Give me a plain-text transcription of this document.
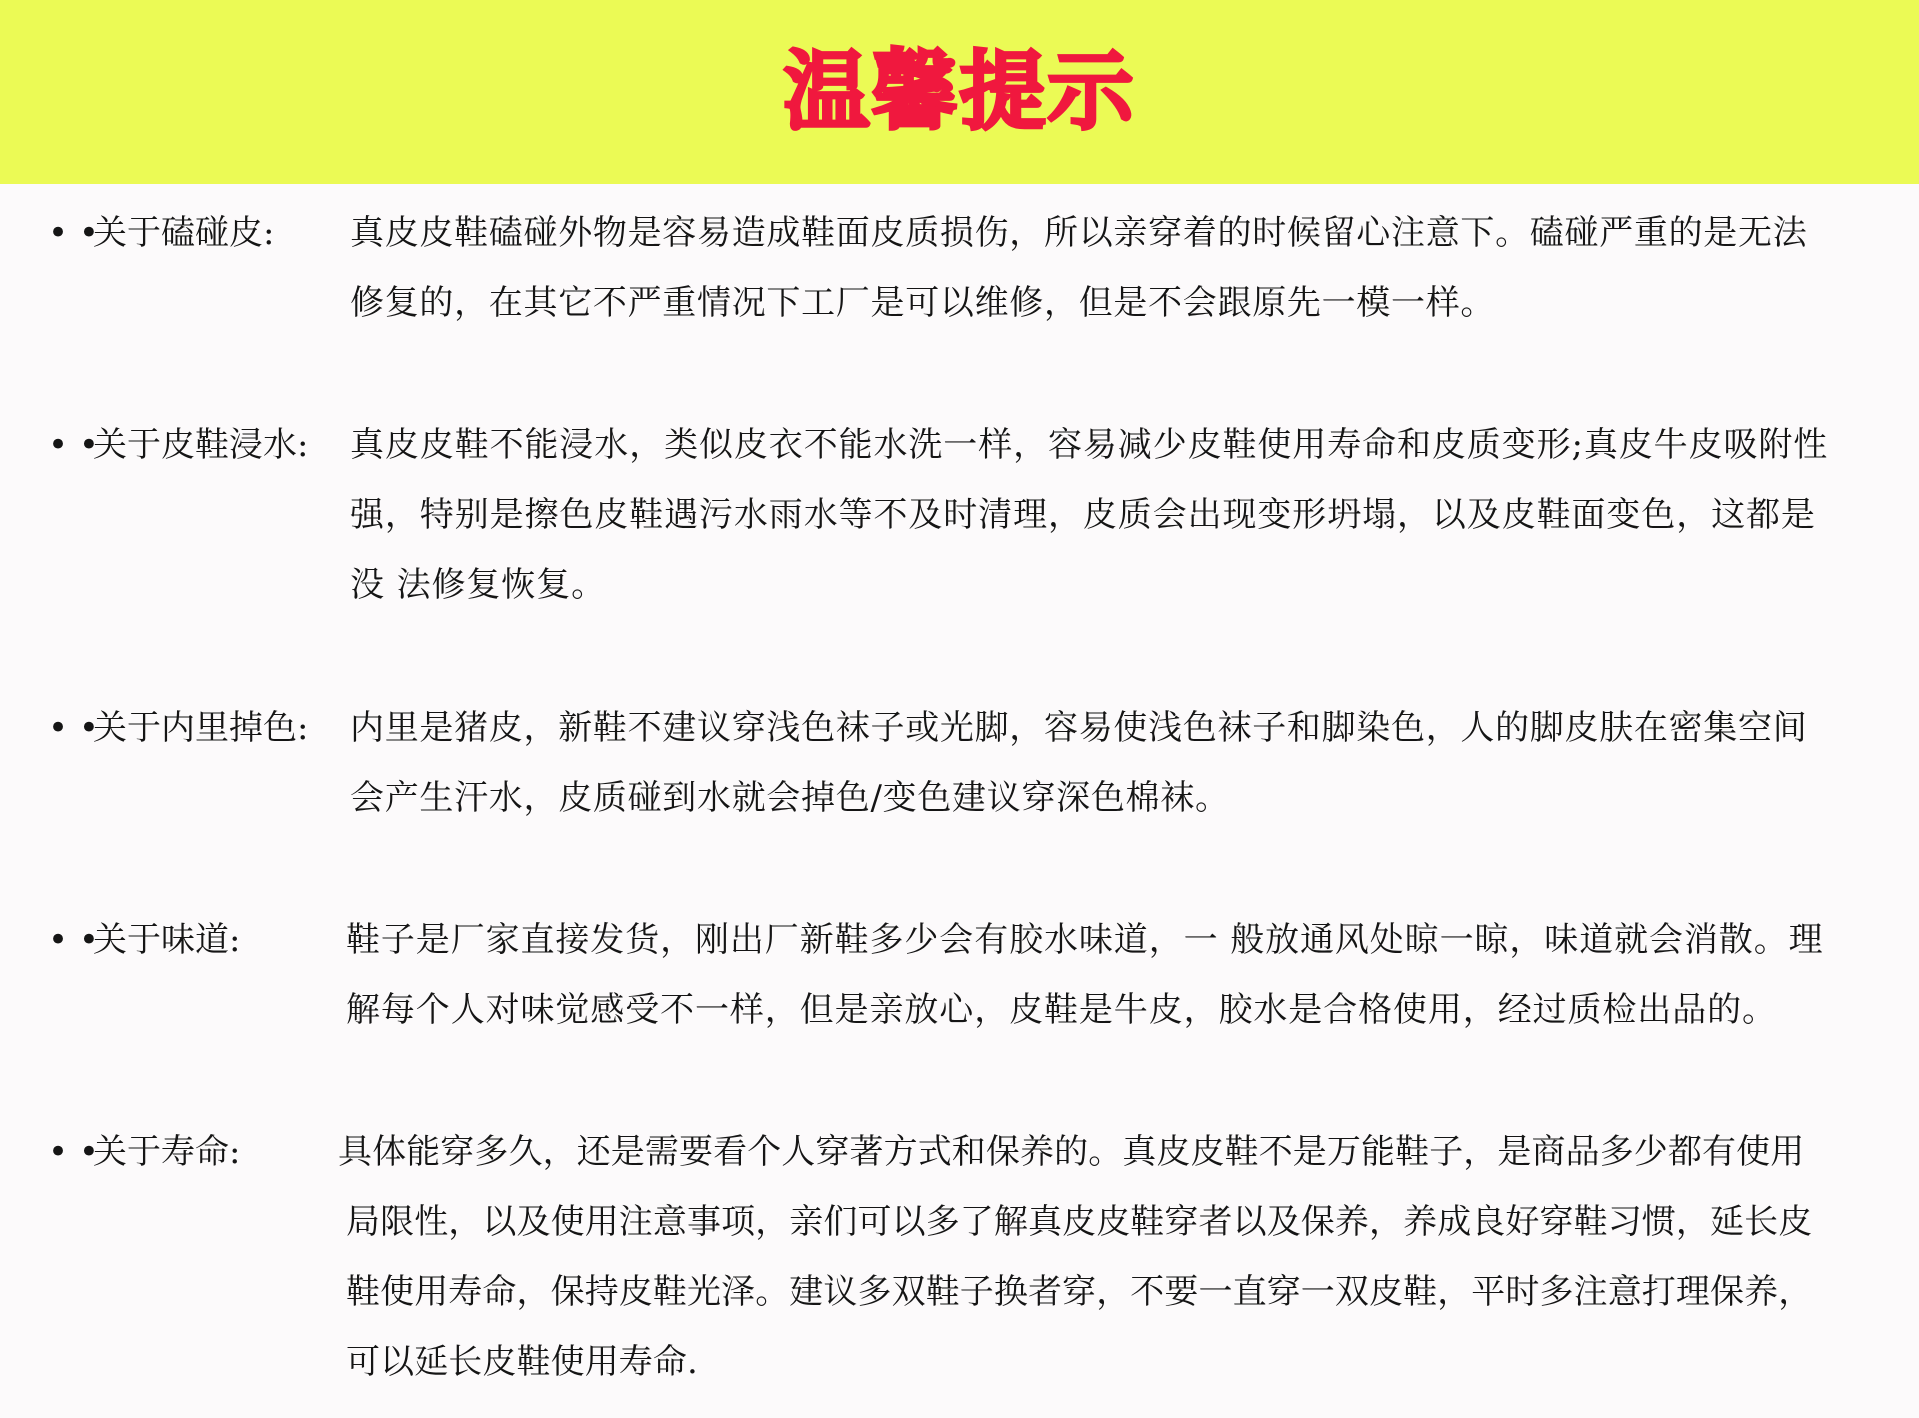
温馨提示
• •
关于磕碰皮: 真皮皮鞋磕碰外物是容易造成鞋面皮质损伤，所以亲穿着的时候留心注意下。磕碰严重的是无法
修复的，在其它不严重情况下工厂是可以维修，但是不会跟原先一模一样。
• •
关于皮鞋浸水: 真皮皮鞋不能浸水，类似皮衣不能水洗一样，容易减少皮鞋使用寿命和皮质变形;真皮牛皮吸附性
强，特别是擦色皮鞋遇污水雨水等不及时清理，皮质会出现变形坍塌，以及皮鞋面变色，这都是
没 法修复恢复。
• •
关于内里掉色: 内里是猪皮，新鞋不建议穿浅色袜子或光脚，容易使浅色袜子和脚染色，人的脚皮肤在密集空间
会产生汗水，皮质碰到水就会掉色/变色建议穿深色棉袜。
• •
关于味道:	鞋子是厂家直接发货，刚出厂新鞋多少会有胶水味道，一 般放通风处晾一晾，味道就会消散。理
解每个人对味觉感受不一样，但是亲放心，皮鞋是牛皮，胶水是合格使用，经过质检出品的。
• •
关于寿命:	具体能穿多久，还是需要看个人穿著方式和保养的。真皮皮鞋不是万能鞋子，是商品多少都有使用
局限性，以及使用注意事项，亲们可以多了解真皮皮鞋穿者以及保养，养成良好穿鞋习惯，延长皮
鞋使用寿命，保持皮鞋光泽。建议多双鞋子换者穿，不要一直穿一双皮鞋，平时多注意打理保养，
可以延长皮鞋使用寿命.
